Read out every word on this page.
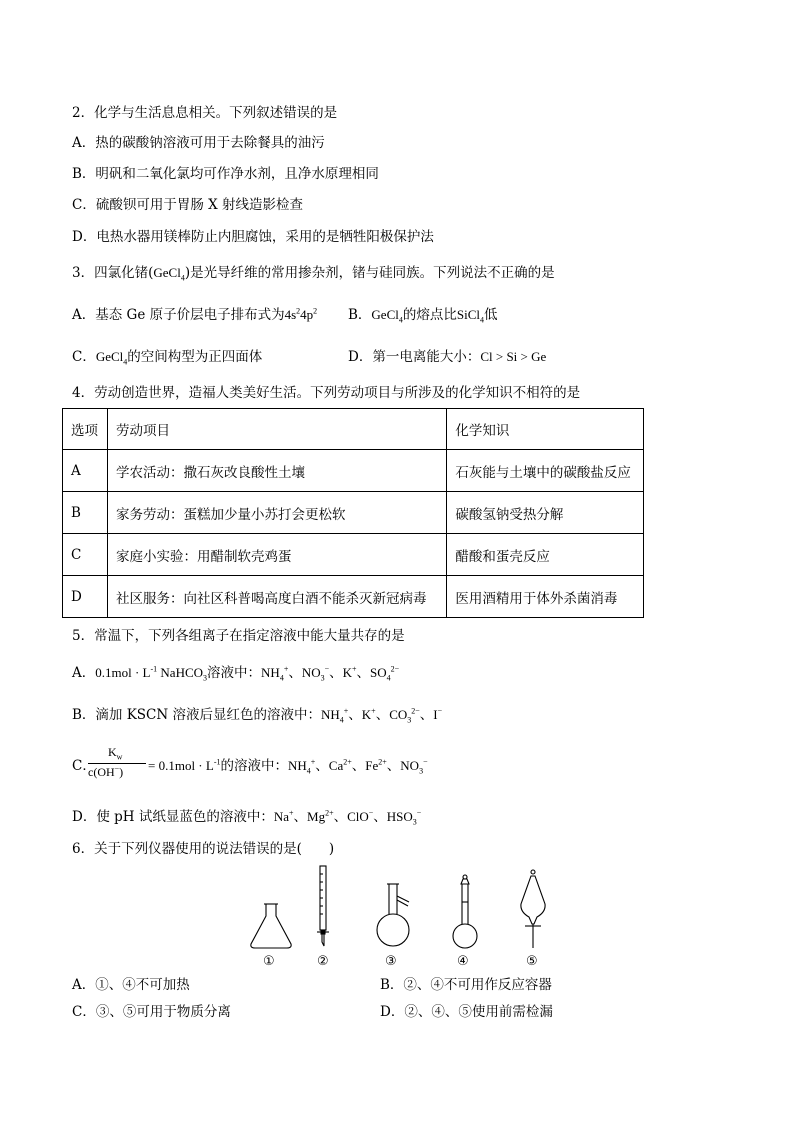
2．化学与生活息息相关。下列叙述错误的是
A．热的碳酸钠溶液可用于去除餐具的油污
B．明矾和二氧化氯均可作净水剂，且净水原理相同
C．硫酸钡可用于胃肠 X 射线造影检查
D．电热水器用镁棒防止内胆腐蚀，采用的是牺牲阳极保护法
3．四氯化锗(GeCl$_4$)是光导纤维的常用掺杂剂，锗与硅同族。下列说法不正确的是
A．基态 Ge 原子价层电子排布式为$4s^24p^2$ B．GeCl$_4$的熔点比SiCl$_4$低
C．GeCl$_4$的空间构型为正四面体	D．第一电离能大小：Cl > Si > Ge
4．劳动创造世界，造福人类美好生活。下列劳动项目与所涉及的化学知识不相符的是
选项	劳动项目	化学知识
A	学农活动：撒石灰改良酸性土壤	石灰能与土壤中的碳酸盐反应
B	家务劳动：蛋糕加少量小苏打会更松软	碳酸氢钠受热分解
C	家庭小实验：用醋制软壳鸡蛋	醋酸和蛋壳反应
D	社区服务：向社区科普喝高度白酒不能杀灭新冠病毒	医用酒精用于体外杀菌消毒
5．常温下，下列各组离子在指定溶液中能大量共存的是
A．$0.1mol \cdot L^{-1}$ NaHCO$_3$溶液中：$NH_4^+$、$NO_3^-$、K+、$SO_4^{2-}$
B．滴加 KSCN 溶液后显红色的溶液中：$NH_4^+$、K+、$CO_3^{2-}$、I−
C．
$K_w$
$c(OH^-) = 0.1mol \cdot L^{-1}$的溶液中：$NH_4^+$、$Ca^{2+}$、$Fe^{2+}$、$NO_3^-$
D．使 pH 试纸显蓝色的溶液中：Na+、$Mg^{2+}$、ClO−、$HSO_3^-$
6．关于下列仪器使用的说法错误的是(　　)
①	②	③	④	⑤
A．①、④不可加热	B．②、④不可用作反应容器
C．③、⑤可用于物质分离	D．②、④、⑤使用前需检漏
